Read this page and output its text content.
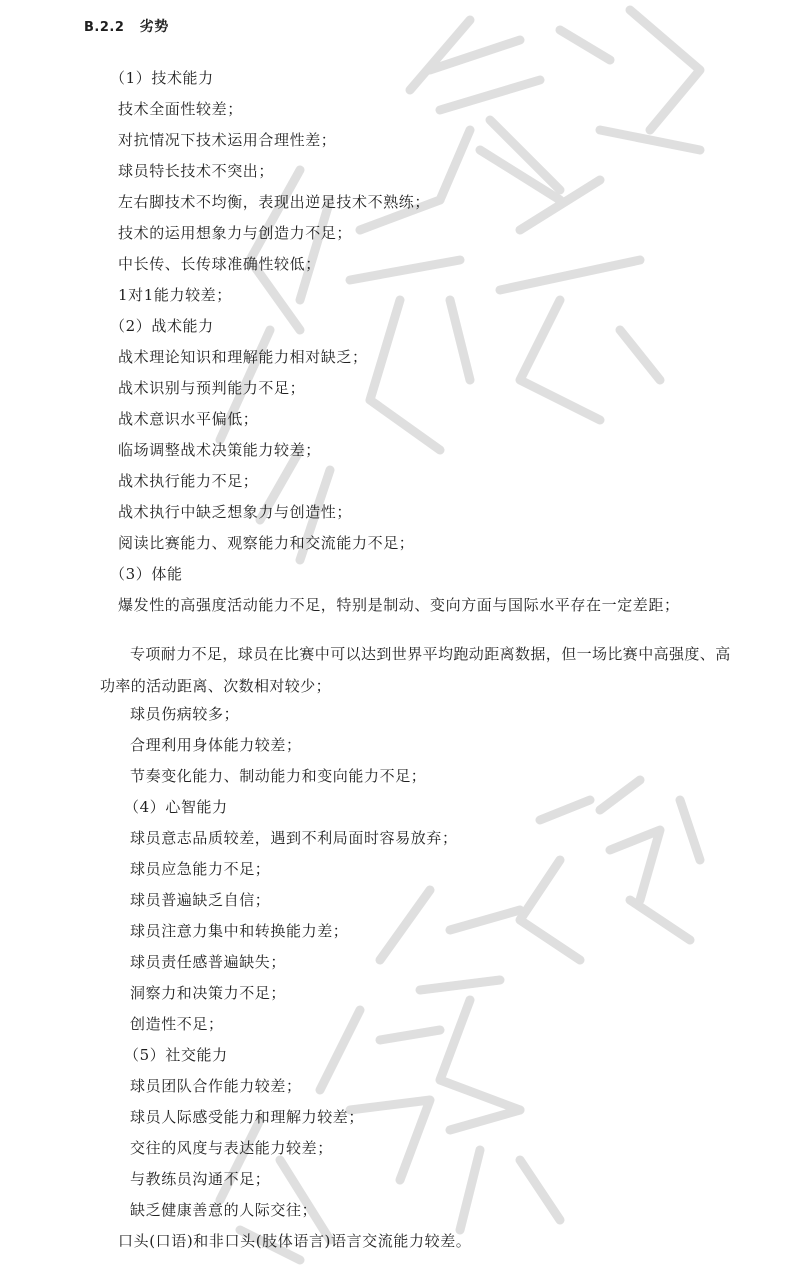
B.2.2 劣势
（1）技术能力
技术全面性较差；
对抗情况下技术运用合理性差；
球员特长技术不突出；
左右脚技术不均衡，表现出逆足技术不熟练；
技术的运用想象力与创造力不足；
中长传、长传球准确性较低；
1对1能力较差；
（2）战术能力
战术理论知识和理解能力相对缺乏；
战术识别与预判能力不足；
战术意识水平偏低；
临场调整战术决策能力较差；
战术执行能力不足；
战术执行中缺乏想象力与创造性；
阅读比赛能力、观察能力和交流能力不足；
（3）体能
爆发性的高强度活动能力不足，特别是制动、变向方面与国际水平存在一定差距；
专项耐力不足，球员在比赛中可以达到世界平均跑动距离数据，但一场比赛中高强度、高功率的活动距离、次数相对较少；
球员伤病较多；
合理利用身体能力较差；
节奏变化能力、制动能力和变向能力不足；
（4）心智能力
球员意志品质较差，遇到不利局面时容易放弃；
球员应急能力不足；
球员普遍缺乏自信；
球员注意力集中和转换能力差；
球员责任感普遍缺失；
洞察力和决策力不足；
创造性不足；
（5）社交能力
球员团队合作能力较差；
球员人际感受能力和理解力较差；
交往的风度与表达能力较差；
与教练员沟通不足；
缺乏健康善意的人际交往；
口头(口语)和非口头(肢体语言)语言交流能力较差。
